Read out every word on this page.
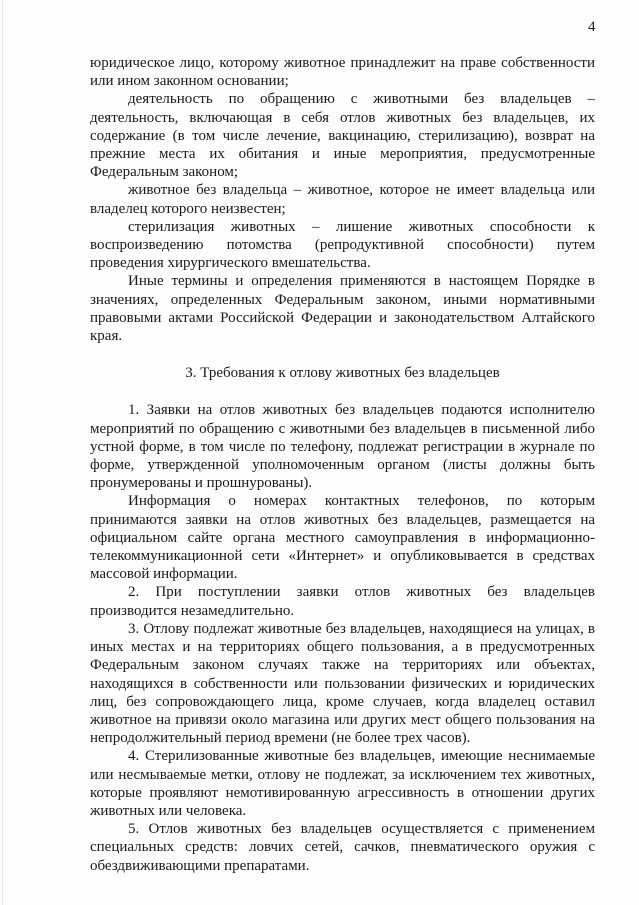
4

юридическое лицо, которому животное принадлежит на праве собственности или ином законном основании;

деятельность по обращению с животными без владельцев – деятельность, включающая в себя отлов животных без владельцев, их содержание (в том числе лечение, вакцинацию, стерилизацию), возврат на прежние места их обитания и иные мероприятия, предусмотренные Федеральным законом;

животное без владельца – животное, которое не имеет владельца или владелец которого неизвестен;

стерилизация животных – лишение животных способности к воспроизведению потомства (репродуктивной способности) путем проведения хирургического вмешательства.

Иные термины и определения применяются в настоящем Порядке в значениях, определенных Федеральным законом, иными нормативными правовыми актами Российской Федерации и законодательством Алтайского края.

3. Требования к отлову животных без владельцев

1. Заявки на отлов животных без владельцев подаются исполнителю мероприятий по обращению с животными без владельцев в письменной либо устной форме, в том числе по телефону, подлежат регистрации в журнале по форме, утвержденной уполномоченным органом (листы должны быть пронумерованы и прошнурованы).

Информация о номерах контактных телефонов, по которым принимаются заявки на отлов животных без владельцев, размещается на официальном сайте органа местного самоуправления в информационно-телекоммуникационной сети «Интернет» и опубликовывается в средствах массовой информации.

2. При поступлении заявки отлов животных без владельцев производится незамедлительно.

3. Отлову подлежат животные без владельцев, находящиеся на улицах, в иных местах и на территориях общего пользования, а в предусмотренных Федеральным законом случаях также на территориях или объектах, находящихся в собственности или пользовании физических и юридических лиц, без сопровождающего лица, кроме случаев, когда владелец оставил животное на привязи около магазина или других мест общего пользования на непродолжительный период времени (не более трех часов).

4. Стерилизованные животные без владельцев, имеющие неснимаемые или несмываемые метки, отлову не подлежат, за исключением тех животных, которые проявляют немотивированную агрессивность в отношении других животных или человека.

5. Отлов животных без владельцев осуществляется с применением специальных средств: ловчих сетей, сачков, пневматического оружия с обездвиживающими препаратами.
